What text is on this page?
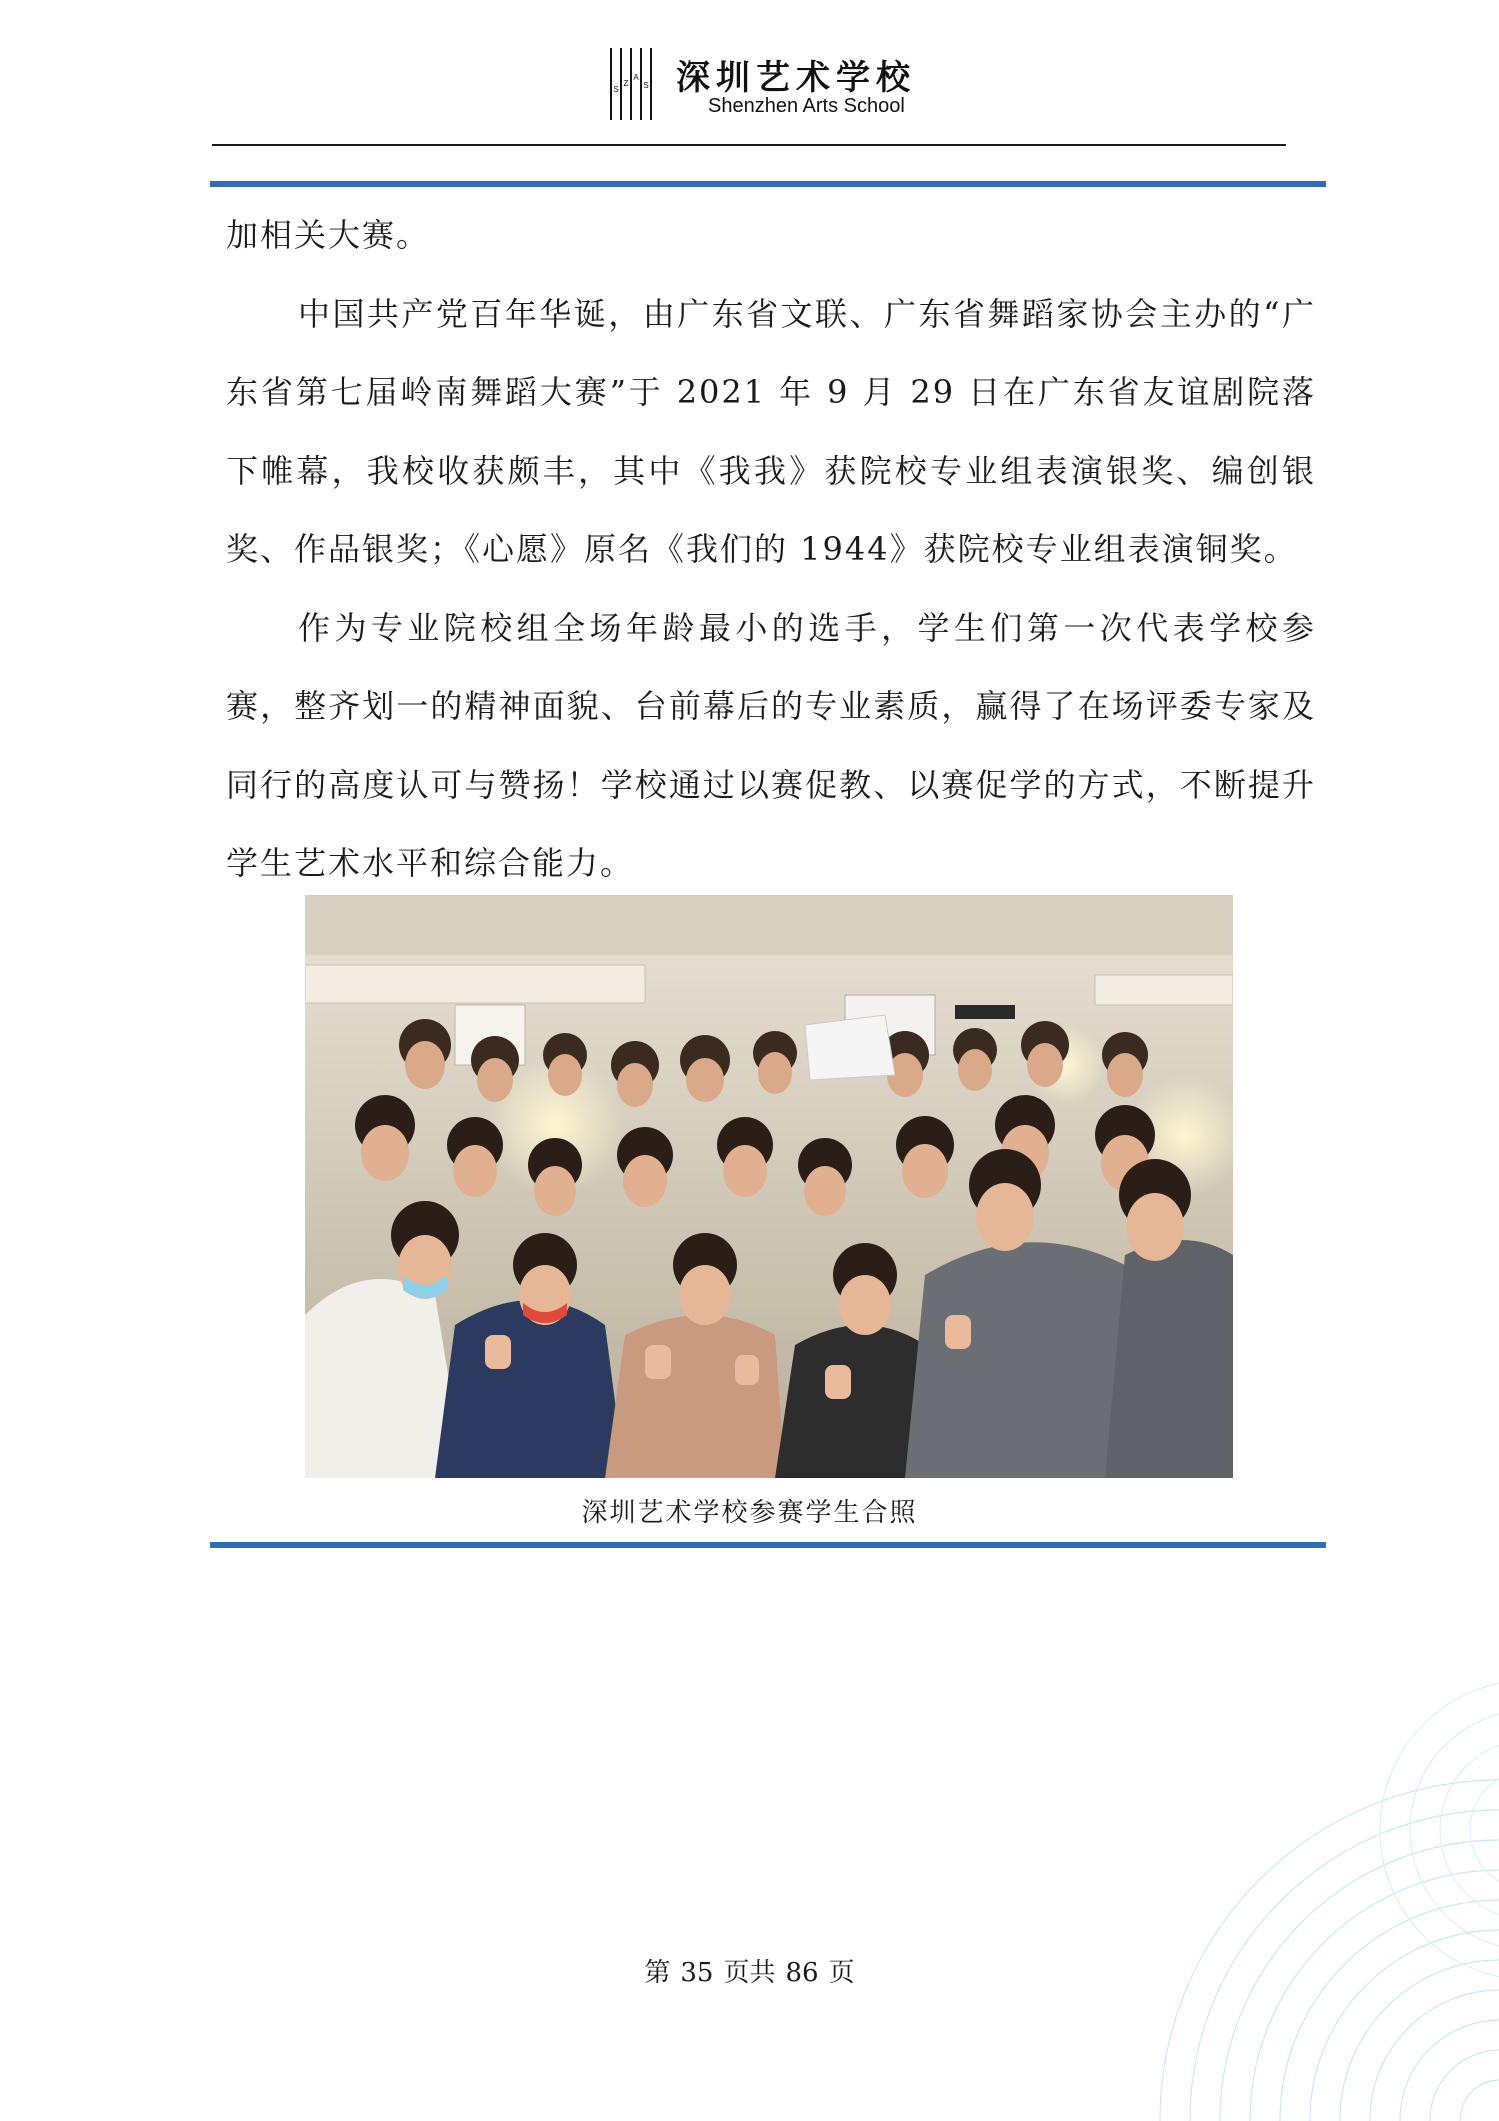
S
Z
A
S 深圳艺术学校
Shenzhen Arts School

加相关大赛。

中国共产党百年华诞，由广东省文联、广东省舞蹈家协会主办的“广东省第七届岭南舞蹈大赛”于 2021 年 9 月 29 日在广东省友谊剧院落下帷幕，我校收获颇丰，其中《我我》获院校专业组表演银奖、编创银奖、作品银奖；《心愿》原名《我们的 1944》获院校专业组表演铜奖。

作为专业院校组全场年龄最小的选手，学生们第一次代表学校参赛，整齐划一的精神面貌、台前幕后的专业素质，赢得了在场评委专家及同行的高度认可与赞扬！学校通过以赛促教、以赛促学的方式，不断提升学生艺术水平和综合能力。

深圳艺术学校参赛学生合照
第 35 页共 86 页
